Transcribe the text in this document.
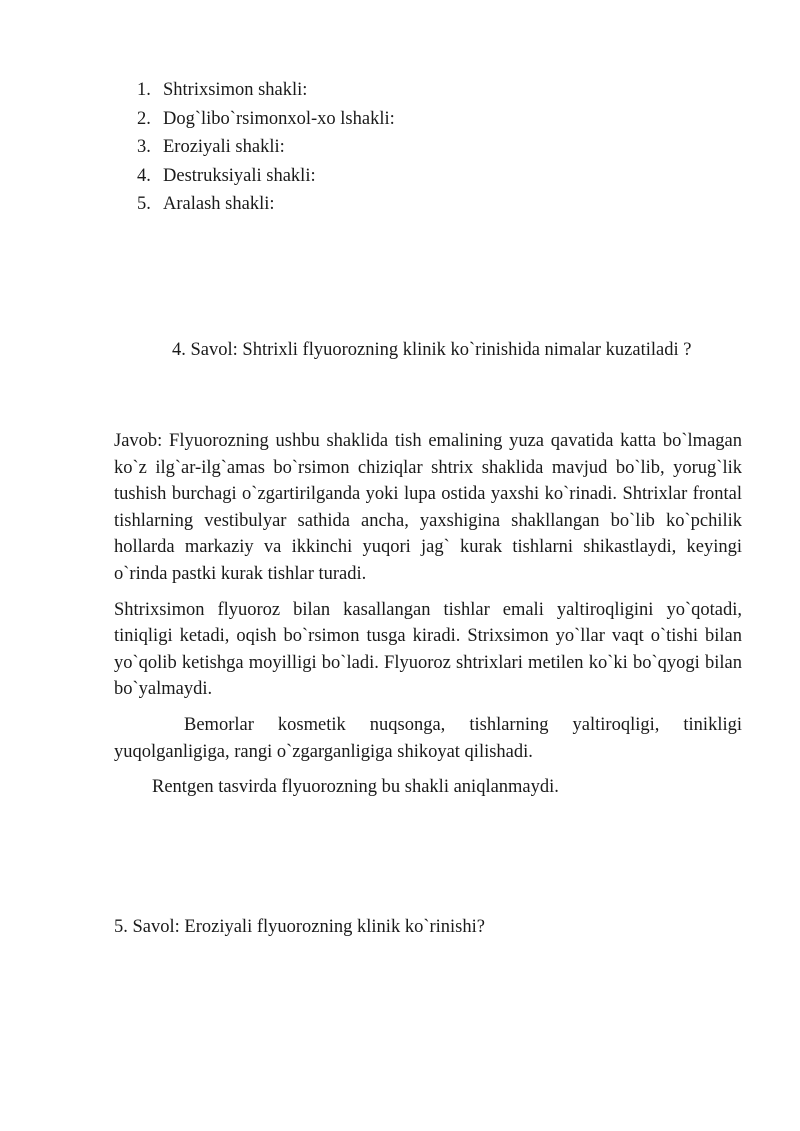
1. Shtrixsimon shakli:
2. Dog`libo`rsimonxol-xo lshakli:
3. Eroziyali shakli:
4. Destruksiyali shakli:
5. Aralash shakli:

4. Savol: Shtrixli flyuorozning klinik ko`rinishida nimalar kuzatiladi ?

Javob: Flyuorozning ushbu shaklida tish emalining yuza qavatida katta bo`lmagan ko`z ilg`ar-ilg`amas bo`rsimon chiziqlar shtrix shaklida mavjud bo`lib, yorug`lik tushish burchagi o`zgartirilganda yoki lupa ostida yaxshi ko`rinadi. Shtrixlar frontal tishlarning vestibulyar sathida ancha, yaxshigina shakllangan bo`lib ko`pchilik hollarda markaziy va ikkinchi yuqori jag` kurak tishlarni shikastlaydi, keyingi o`rinda pastki kurak tishlar turadi.

Shtrixsimon flyuoroz bilan kasallangan tishlar emali yaltiroqligini yo`qotadi, tiniqligi ketadi, oqish bo`rsimon tusga kiradi. Strixsimon yo`llar vaqt o`tishi bilan yo`qolib ketishga moyilligi bo`ladi. Flyuoroz shtrixlari metilen ko`ki bo`qyogi bilan bo`yalmaydi.

Bemorlar kosmetik nuqsonga, tishlarning yaltiroqligi, tinikligi yuqolganligiga, rangi o`zgarganligiga shikoyat qilishadi.

Rentgen tasvirda flyuorozning bu shakli aniqlanmaydi.

5. Savol: Eroziyali flyuorozning klinik ko`rinishi?
